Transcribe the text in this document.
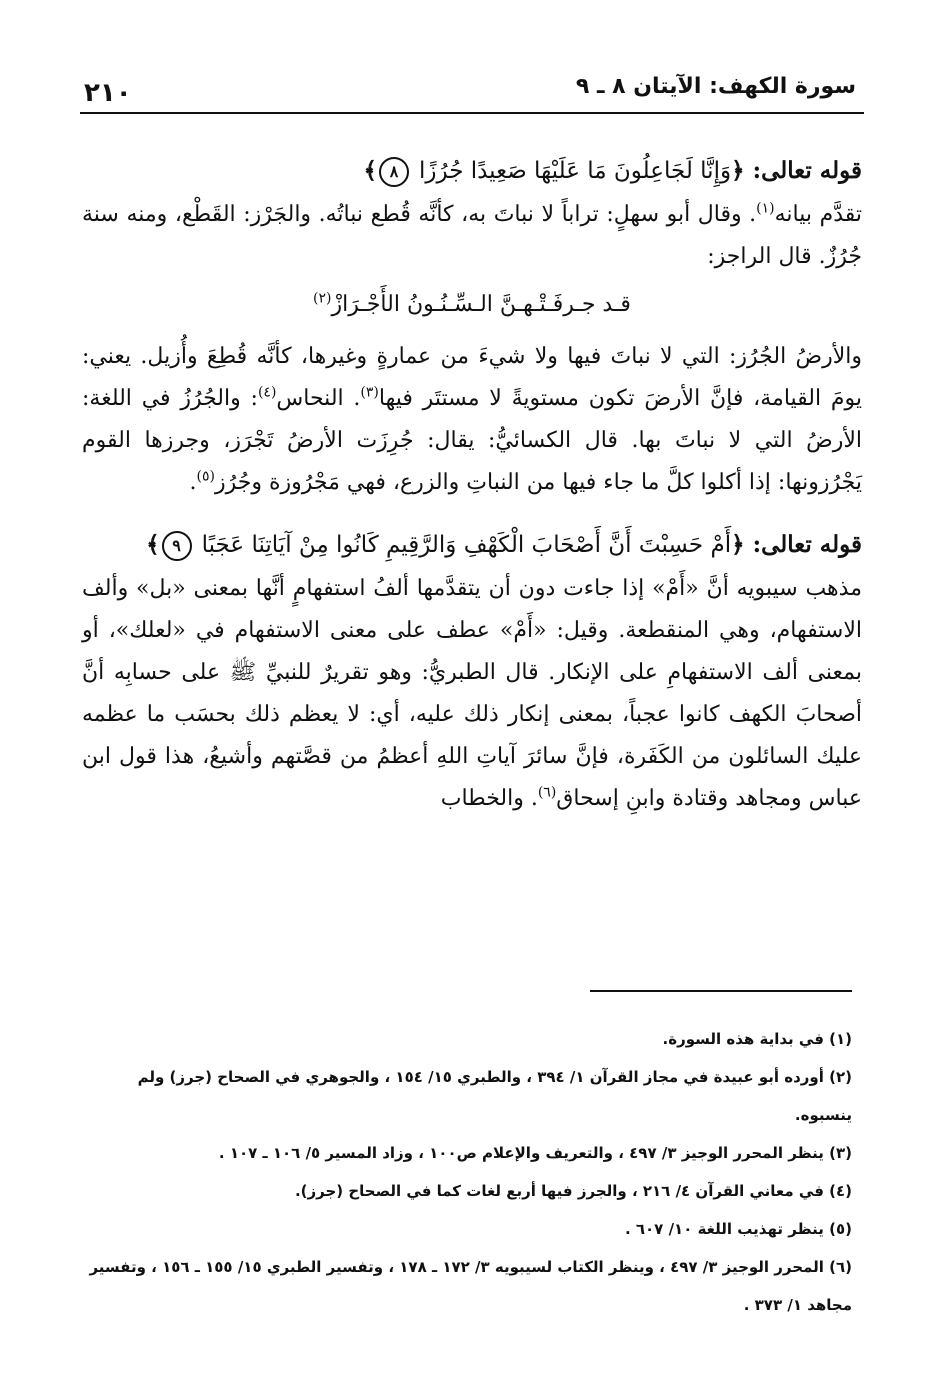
سورة الكهف: الآيتان ٨ ـ ٩
٢١٠

قوله تعالى: ﴿وَإِنَّا لَجَاعِلُونَ مَا عَلَيْهَا صَعِيدًا جُرُزًا ٨﴾

تقدَّم بيانه$^{(١)}$. وقال أبو سهلٍ: تراباً لا نباتَ به، كأنَّه قُطع نباتُه. والجَرْز: القَطْع، ومنه سنة جُرُزٌ. قال الراجز:

قـد جـرفَـتْـهـنَّ الـسِّـنُـونُ الأَجْـرَازْ$^{(٢)}$

والأرضُ الجُرُز: التي لا نباتَ فيها ولا شيءَ من عمارةٍ وغيرها، كأنَّه قُطِعَ وأُزيل. يعني: يومَ القيامة، فإنَّ الأرضَ تكون مستويةً لا مستتَر فيها$^{(٣)}$. النحاس$^{(٤)}$: والجُرُزُ في اللغة: الأرضُ التي لا نباتَ بها. قال الكسائيُّ: يقال: جُرِزَت الأرضُ تَجْرَز، وجرزها القوم يَجْرُزونها: إذا أكلوا كلَّ ما جاء فيها من النباتِ والزرع، فهي مَجْرُوزة وجُرُز$^{(٥)}$.

قوله تعالى: ﴿أَمْ حَسِبْتَ أَنَّ أَصْحَابَ الْكَهْفِ وَالرَّقِيمِ كَانُوا مِنْ آيَاتِنَا عَجَبًا ٩﴾

مذهب سيبويه أنَّ «أَمْ» إذا جاءت دون أن يتقدَّمها ألفُ استفهامٍ أنَّها بمعنى «بل» وألف الاستفهام، وهي المنقطعة. وقيل: «أَمْ» عطف على معنى الاستفهام في «لعلك»، أو بمعنى ألف الاستفهامِ على الإنكار. قال الطبريُّ: وهو تقريرٌ للنبيِّ ﷺ على حسابِه أنَّ أصحابَ الكهف كانوا عجباً، بمعنى إنكار ذلك عليه، أي: لا يعظم ذلك بحسَب ما عظمه عليك السائلون من الكَفَرة، فإنَّ سائرَ آياتِ اللهِ أعظمُ من قصَّتهم وأشيعُ، هذا قول ابن عباس ومجاهد وقتادة وابنِ إسحاق$^{(٦)}$. والخطاب

(١) في بداية هذه السورة.

(٢) أورده أبو عبيدة في مجاز القرآن ١/ ٣٩٤ ، والطبري ١٥/ ١٥٤ ، والجوهري في الصحاح (جرز) ولم ينسبوه.

(٣) ينظر المحرر الوجيز ٣/ ٤٩٧ ، والتعريف والإعلام ص١٠٠ ، وزاد المسير ٥/ ١٠٦ ـ ١٠٧ .

(٤) في معاني القرآن ٤/ ٢١٦ ، والجرز فيها أربع لغات كما في الصحاح (جرز).

(٥) ينظر تهذيب اللغة ١٠/ ٦٠٧ .

(٦) المحرر الوجيز ٣/ ٤٩٧ ، وينظر الكتاب لسيبويه ٣/ ١٧٢ ـ ١٧٨ ، وتفسير الطبري ١٥/ ١٥٥ ـ ١٥٦ ، وتفسير مجاهد ١/ ٣٧٣ .
